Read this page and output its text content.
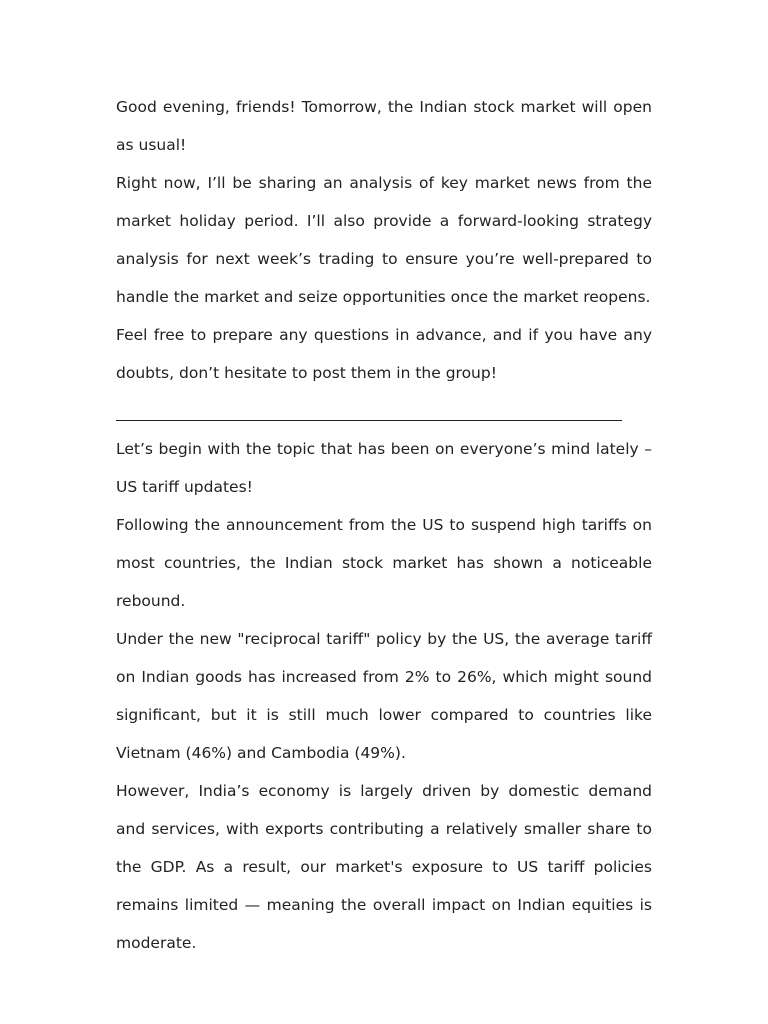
Good evening, friends! Tomorrow, the Indian stock market will open as usual!

Right now, I’ll be sharing an analysis of key market news from the market holiday period. I’ll also provide a forward-looking strategy analysis for next week’s trading to ensure you’re well-prepared to handle the market and seize opportunities once the market reopens.

Feel free to prepare any questions in advance, and if you have any doubts, don’t hesitate to post them in the group!

Let’s begin with the topic that has been on everyone’s mind lately – US tariff updates!

Following the announcement from the US to suspend high tariffs on most countries, the Indian stock market has shown a noticeable rebound.

Under the new "reciprocal tariff" policy by the US, the average tariff on Indian goods has increased from 2% to 26%, which might sound significant, but it is still much lower compared to countries like Vietnam (46%) and Cambodia (49%).

However, India’s economy is largely driven by domestic demand and services, with exports contributing a relatively smaller share to the GDP. As a result, our market's exposure to US tariff policies remains limited — meaning the overall impact on Indian equities is moderate.
